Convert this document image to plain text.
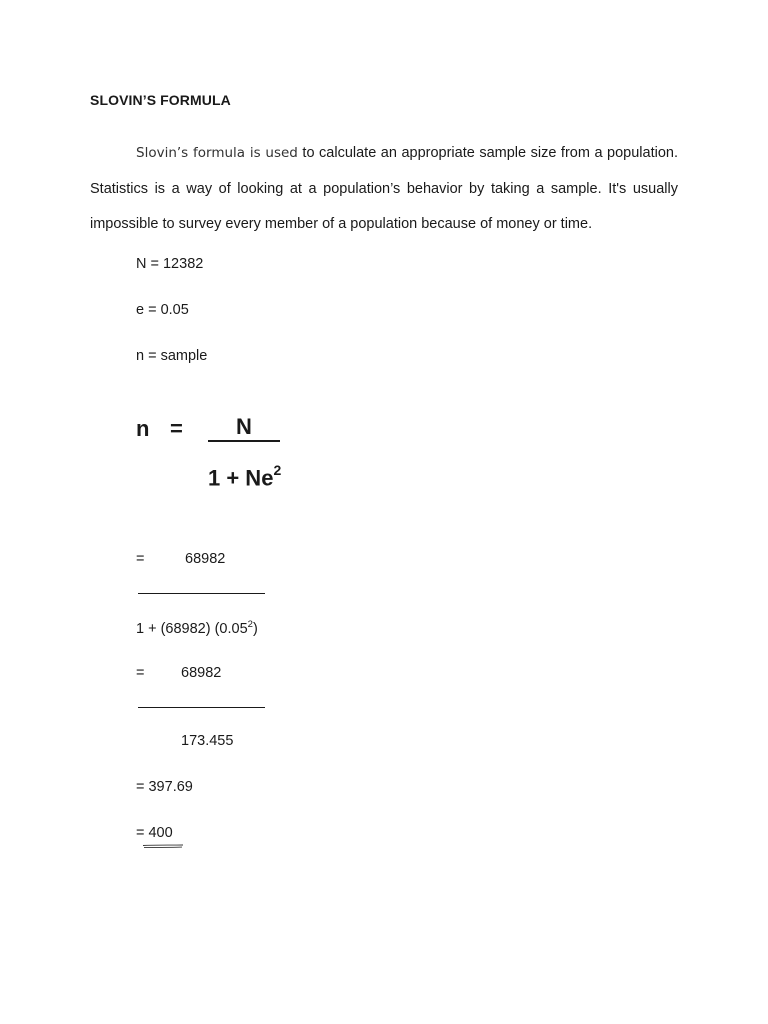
SLOVIN’S FORMULA

Slovin’s formula is used to calculate an appropriate sample size from a population. Statistics is a way of looking at a population’s behavior by taking a sample. It's usually impossible to survey every member of a population because of money or time.

N = 12382
e = 0.05
n = sample
n =	N
$1 + Ne^2$
=	68982
1 + (68982) $(0.05^2)$
=	68982
173.455
= 397.69
= 400
